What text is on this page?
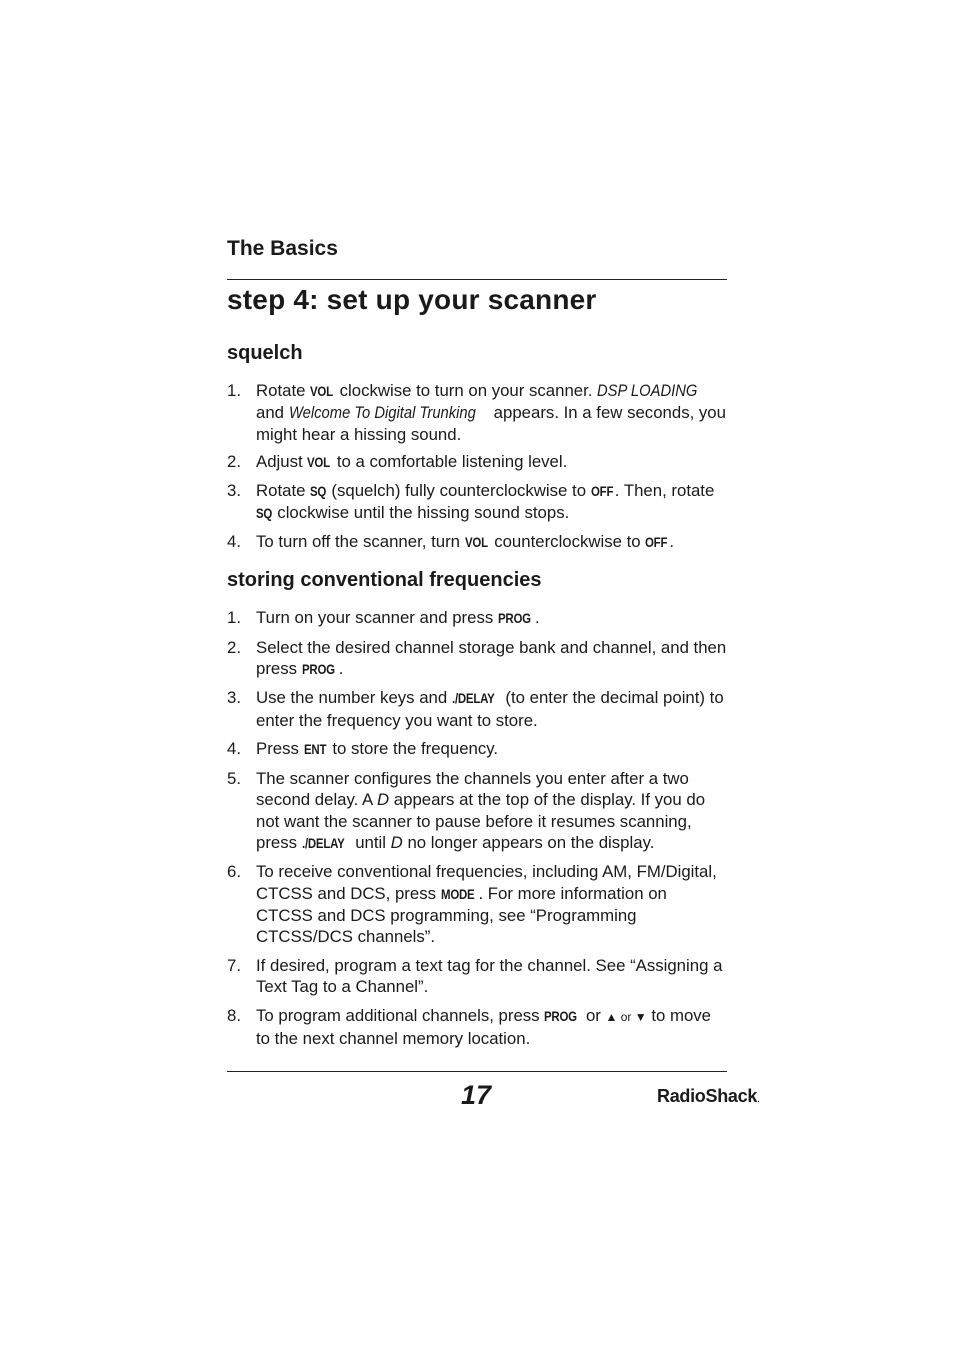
The Basics
step 4: set up your scanner
squelch
1. Rotate VOL clockwise to turn on your scanner. DSP LOADING and Welcome To Digital Trunking appears. In a few seconds, you might hear a hissing sound.
2. Adjust VOL to a comfortable listening level.
3. Rotate SQ (squelch) fully counterclockwise to OFF . Then, rotate SQ clockwise until the hissing sound stops.
4. To turn off the scanner, turn VOL counterclockwise to OFF .
storing conventional frequencies
1. Turn on your scanner and press PROG .
2. Select the desired channel storage bank and channel, and then press PROG .
3. Use the number keys and ./DELAY (to enter the decimal point) to enter the frequency you want to store.
4. Press ENT to store the frequency.
5. The scanner configures the channels you enter after a two second delay. A D appears at the top of the display. If you do not want the scanner to pause before it resumes scanning, press ./DELAY until D no longer appears on the display.
6. To receive conventional frequencies, including AM, FM/Digital, CTCSS and DCS, press MODE . For more information on CTCSS and DCS programming, see “Programming CTCSS/DCS channels”.
7. If desired, program a text tag for the channel. See “Assigning a Text Tag to a Channel”.
8. To program additional channels, press PROG or ▲ or ▼ to move to the next channel memory location.
17	RadioShack.
